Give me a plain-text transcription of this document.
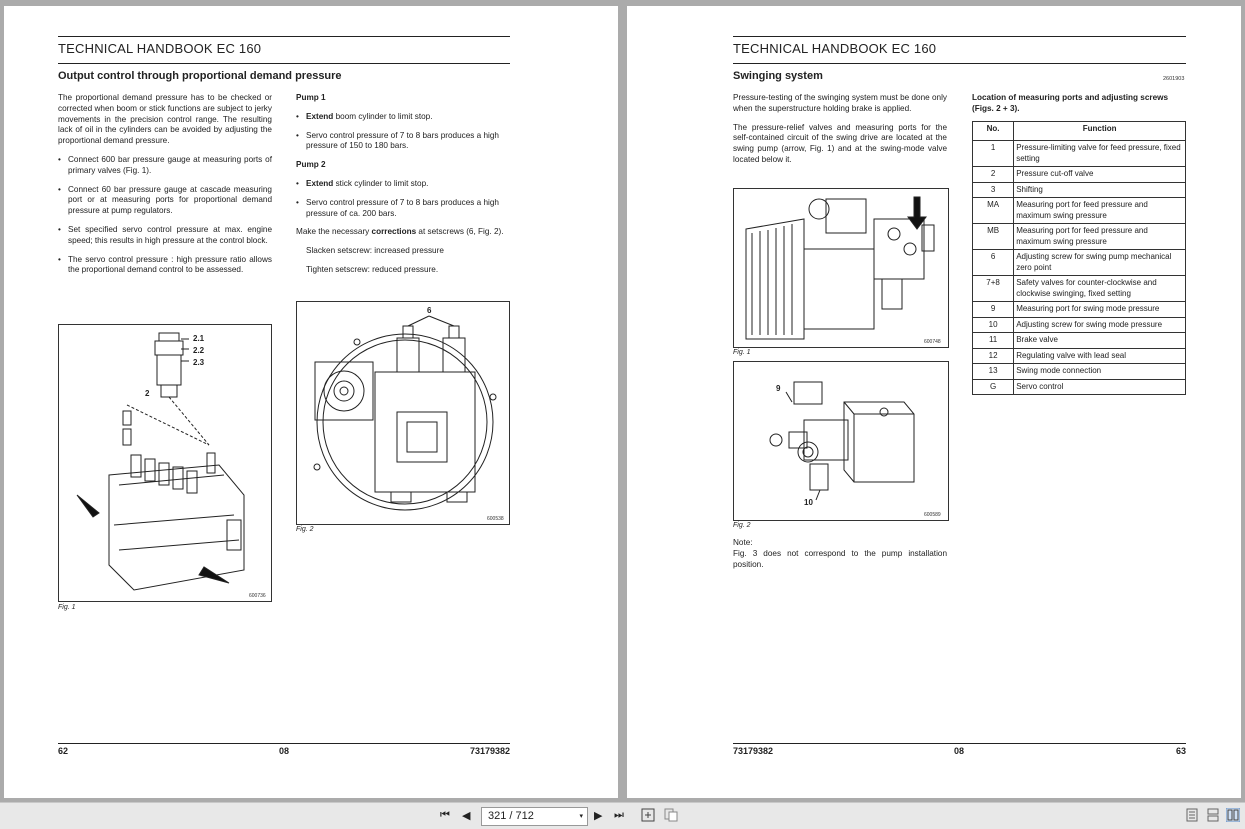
TECHNICAL HANDBOOK EC 160
Output control through proportional demand pressure

The proportional demand pressure has to be checked or corrected when boom or stick functions are subject to jerky movements in the precision control range. The resulting lack of oil in the cylinders can be avoided by adjusting the proportional demand pressure.

• Connect 600 bar pressure gauge at measuring ports of primary valves (Fig. 1).
• Connect 60 bar pressure gauge at cascade measuring port or at measuring ports for proportional demand pressure at pump regulators.
• Set specified servo control pressure at max. engine speed; this results in high pressure at the control block.
• The servo control pressure : high pressure ratio allows the proportional demand control to be assessed.
Pump 1
• Extend boom cylinder to limit stop.
• Servo control pressure of 7 to 8 bars produces a high pressure of 150 to 180 bars.
Pump 2
• Extend stick cylinder to limit stop.
• Servo control pressure of 7 to 8 bars produces a high pressure of ca. 200 bars.

Make the necessary corrections at setscrews (6, Fig. 2).

Slacken setscrew: increased pressure

Tighten setscrew: reduced pressure.

2.1
2.2
2.3
2
600736
Fig. 1
6
600538
Fig. 2
62	08	73179382
TECHNICAL HANDBOOK EC 160
Swinging system	2601903

Pressure-testing of the swinging system must be done only when the superstructure holding brake is applied.

The pressure-relief valves and measuring ports for the self-contained circuit of the swing drive are located at the swing pump (arrow, Fig. 1) and at the swing-mode valve located below it.

600748
Fig. 1
9
10
600589
Fig. 2
Note:
Fig. 3 does not correspond to the pump installation position.
Location of measuring ports and adjusting screws (Figs. 2 + 3).
No.	Function
1	Pressure-limiting valve for feed pressure, fixed setting
2	Pressure cut-off valve
3	Shifting
MA	Measuring port for feed pressure and maximum swing pressure
MB	Measuring port for feed pressure and maximum swing pressure
6	Adjusting screw for swing pump mechanical zero point
7+8	Safety valves for counter-clockwise and clockwise swinging, fixed setting
9	Measuring port for swing mode pressure
10	Adjusting screw for swing mode pressure
11	Brake valve
12	Regulating valve with lead seal
13	Swing mode connection
G	Servo control
73179382	08	63
⏮ ◀ 321 / 712	▾ ▶ ⏭
